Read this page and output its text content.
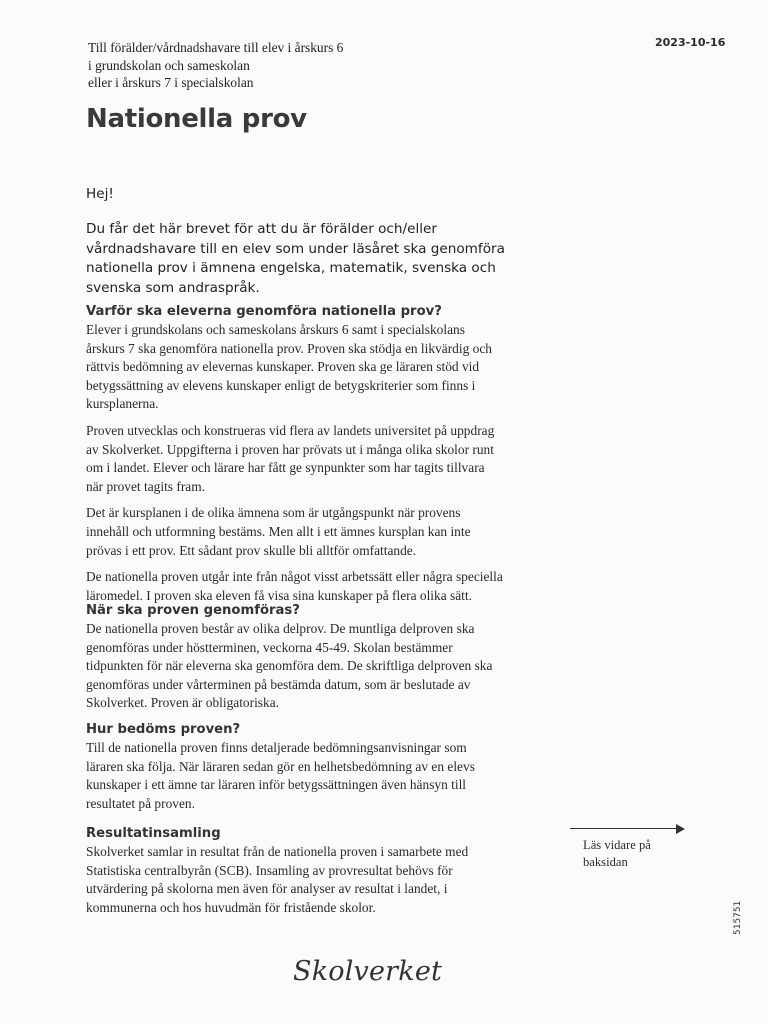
Till förälder/vårdnadshavare till elev i årskurs 6
i grundskolan och sameskolan
eller i årskurs 7 i specialskolan
2023-10-16
Nationella prov
Hej!
Du får det här brevet för att du är förälder och/eller
vårdnadshavare till en elev som under läsåret ska genomföra
nationella prov i ämnena engelska, matematik, svenska och
svenska som andraspråk.
Varför ska eleverna genomföra nationella prov?
Elever i grundskolans och sameskolans årskurs 6 samt i specialskolans
årskurs 7 ska genomföra nationella prov. Proven ska stödja en likvärdig och
rättvis bedömning av elevernas kunskaper. Proven ska ge läraren stöd vid
betygssättning av elevens kunskaper enligt de betygskriterier som finns i
kursplanerna.
Proven utvecklas och konstrueras vid flera av landets universitet på uppdrag
av Skolverket. Uppgifterna i proven har prövats ut i många olika skolor runt
om i landet. Elever och lärare har fått ge synpunkter som har tagits tillvara
när provet tagits fram.
Det är kursplanen i de olika ämnena som är utgångspunkt när provens
innehåll och utformning bestäms. Men allt i ett ämnes kursplan kan inte
prövas i ett prov. Ett sådant prov skulle bli alltför omfattande.
De nationella proven utgår inte från något visst arbetssätt eller några speciella
läromedel. I proven ska eleven få visa sina kunskaper på flera olika sätt.
När ska proven genomföras?
De nationella proven består av olika delprov. De muntliga delproven ska
genomföras under höstterminen, veckorna 45-49. Skolan bestämmer
tidpunkten för när eleverna ska genomföra dem. De skriftliga delproven ska
genomföras under vårterminen på bestämda datum, som är beslutade av
Skolverket. Proven är obligatoriska.
Hur bedöms proven?
Till de nationella proven finns detaljerade bedömningsanvisningar som
läraren ska följa. När läraren sedan gör en helhetsbedömning av en elevs
kunskaper i ett ämne tar läraren inför betygssättningen även hänsyn till
resultatet på proven.
Resultatinsamling
Skolverket samlar in resultat från de nationella proven i samarbete med
Statistiska centralbyrån (SCB). Insamling av provresultat behövs för
utvärdering på skolorna men även för analyser av resultat i landet, i
kommunerna och hos huvudmän för fristående skolor.
Läs vidare på
baksidan
515751
Skolverket
